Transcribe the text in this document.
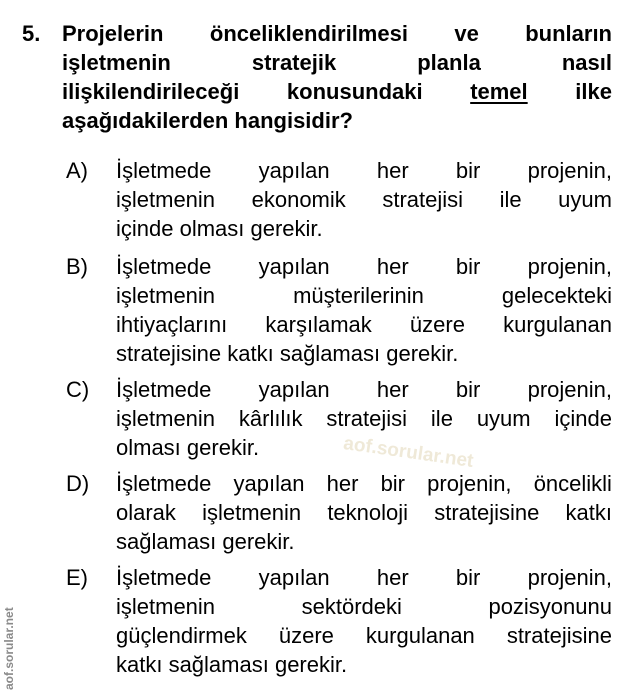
5. Projelerin önceliklendirilmesi ve bunların
işletmenin	stratejik	planla	nasıl
ilişkilendirileceği konusundaki temel ilke
aşağıdakilerden hangisidir?
A) İşletmede yapılan her bir projenin,
işletmenin ekonomik stratejisi ile uyum
içinde olması gerekir.
B) İşletmede yapılan her bir projenin,
işletmenin	müşterilerinin	gelecekteki
ihtiyaçlarını karşılamak üzere kurgulanan
stratejisine katkı sağlaması gerekir.
C) İşletmede yapılan her bir projenin,
işletmenin kârlılık stratejisi ile uyum içinde
olması gerekir.
D) İşletmede yapılan her bir projenin, öncelikli
olarak işletmenin teknoloji stratejisine katkı
sağlaması gerekir.
E) İşletmede yapılan her bir projenin,
işletmenin	sektördeki	pozisyonunu
güçlendirmek üzere kurgulanan stratejisine
katkı sağlaması gerekir.
aof.sorular.net
aof.sorular.net
